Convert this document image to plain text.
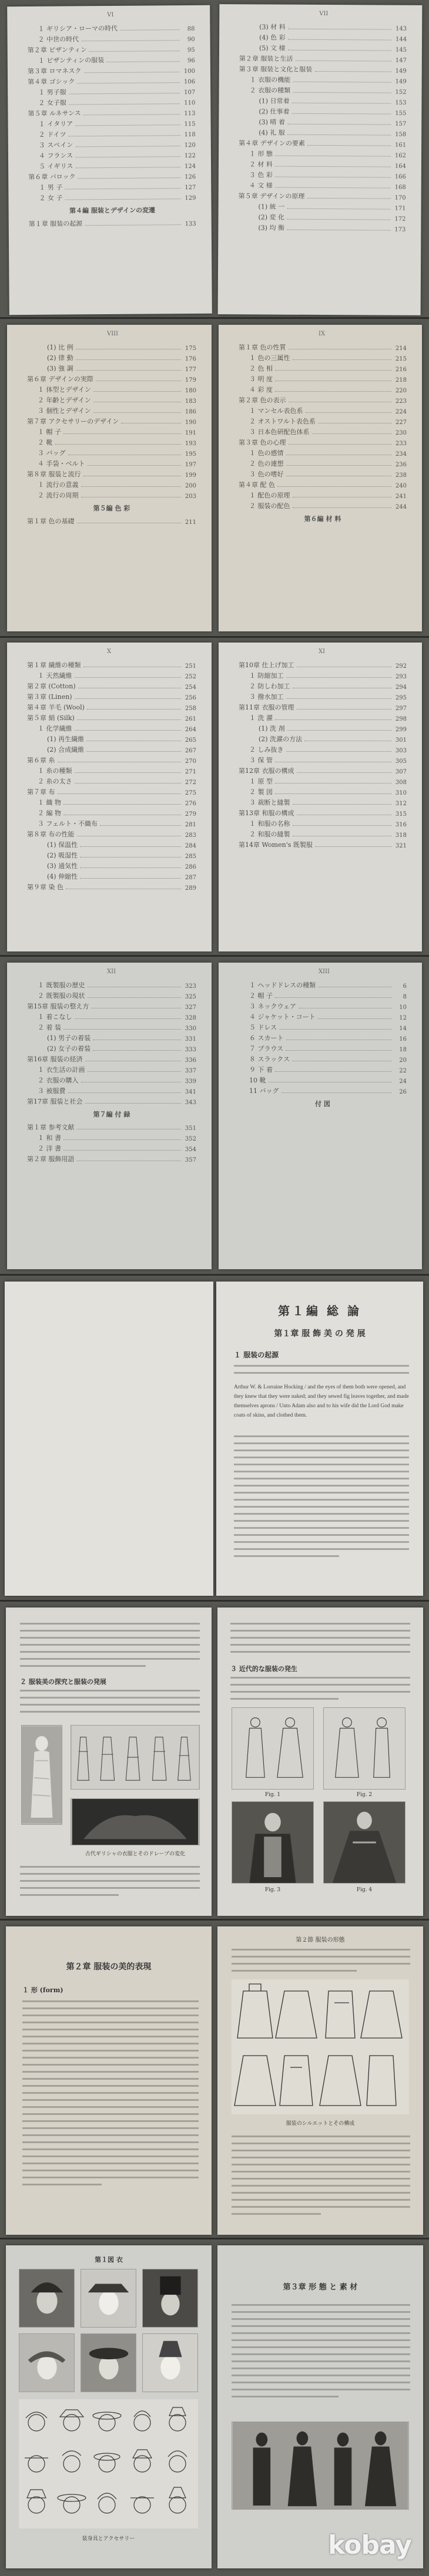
VI
１ ギリシア・ローマの時代	88
２ 中世の時代	90
第２章 ビザンティン	95
１ ビザンティンの服装	96
第３章 ロマネスク	100
第４章 ゴシック	106
１ 男子服	107
２ 女子服	110
第５章 ルネサンス	113
１ イタリア	115
２ ドイツ	118
３ スペイン	120
４ フランス	122
５ イギリス	124
第６章 バロック	126
１ 男 子	127
２ 女 子	129
第４編 服装とデザインの変遷
第１章 服装の起源	133
VII
(3) 材 料	143
(4) 色 彩	144
(5) 文 様	145
第２章 服装と生活	147
第３章 服装と文化と服装	149
１ 衣服の機能	149
２ 衣服の種類	152
(1) 日常着	153
(2) 仕事着	155
(3) 晴 着	157
(4) 礼 服	158
第４章 デザインの要素	161
１ 形 態	162
２ 材 料	164
３ 色 彩	166
４ 文 様	168
第５章 デザインの原理	170
(1) 統 一	171
(2) 変 化	172
(3) 均 衡	173
VIII
(1) 比 例	175
(2) 律 動	176
(3) 強 調	177
第６章 デザインの実際	179
１ 体型とデザイン	180
２ 年齢とデザイン	183
３ 個性とデザイン	186
第７章 アクセサリーのデザイン	190
１ 帽 子	191
２ 靴	193
３ バッグ	195
４ 手袋・ベルト	197
第８章 服装と流行	199
１ 流行の意義	200
２ 流行の周期	203
第５編 色 彩
第１章 色の基礎	211
IX
第１章 色の性質	214
１ 色の三属性	215
２ 色 相	216
３ 明 度	218
４ 彩 度	220
第２章 色の表示	223
１ マンセル表色系	224
２ オストワルト表色系	227
３ 日本色研配色体系	230
第３章 色の心理	233
１ 色の感情	234
２ 色の連想	236
３ 色の嗜好	238
第４章 配 色	240
１ 配色の原理	241
２ 服装の配色	244
第６編 材 料
X
第１章 繊維の種類	251
１ 天然繊維	252
第２章 (Cotton)	254
第３章 (Linen)	256
第４章 羊毛 (Wool)	258
第５章 絹 (Silk)	261
１ 化学繊維	264
(1) 再生繊維	265
(2) 合成繊維	267
第６章 糸	270
１ 糸の種類	271
２ 糸の太さ	272
第７章 布	275
１ 織 物	276
２ 編 物	279
３ フェルト・不織布	281
第８章 布の性能	283
(1) 保温性	284
(2) 吸湿性	285
(3) 通気性	286
(4) 伸縮性	287
第９章 染 色	289
XI
第10章 仕上げ加工	292
１ 防縮加工	293
２ 防しわ加工	294
３ 撥水加工	295
第11章 衣服の管理	297
１ 洗 濯	298
(1) 洗 剤	299
(2) 洗濯の方法	301
２ しみ抜き	303
３ 保 管	305
第12章 衣服の構成	307
１ 原 型	308
２ 製 図	310
３ 裁断と縫製	312
第13章 和服の構成	315
１ 和服の名称	316
２ 和服の縫製	318
第14章 Women's 既製服	321
XII
１ 既製服の歴史	323
２ 既製服の現状	325
第15章 服装の整え方	327
１ 着こなし	328
２ 着 装	330
(1) 男子の着装	331
(2) 女子の着装	333
第16章 服装の経済	336
１ 衣生活の計画	337
２ 衣服の購入	339
３ 被服費	341
第17章 服装と社会	343
第７編 付 録
第１章 参考文献	351
１ 和 書	352
２ 洋 書	354
第２章 服飾用語	357
XIII
１ ヘッドドレスの種類	6
２ 帽 子	8
３ ネックウェア	10
４ ジャケット・コート	12
５ ドレス	14
６ スカート	16
７ ブラウス	18
８ スラックス	20
９ 下 着	22
10 靴	24
11 バッグ	26
付 図
第１編 総 論
第１章 服 飾 美 の 発 展
１ 服装の起源
Arthur W. & Lorraine Hocking / and the eyes of them both were opened, and they knew that they were naked; and they sewed fig leaves together, and made themselves aprons / Unto Adam also and to his wife did the Lord God make coats of skins, and clothed them.
２ 服装美の探究と服装の発展
古代ギリシャの衣服とそのドレープの変化
３ 近代的な服装の発生
Fig. 1	Fig. 2
Fig. 3	Fig. 4
第２章 服装の美的表現
１ 形 (form)
第２節 服装の形態
服装のシルエットとその構成
第１図 衣
装身具とアクセサリー
第３章 形 態 と 素 材
kobay
